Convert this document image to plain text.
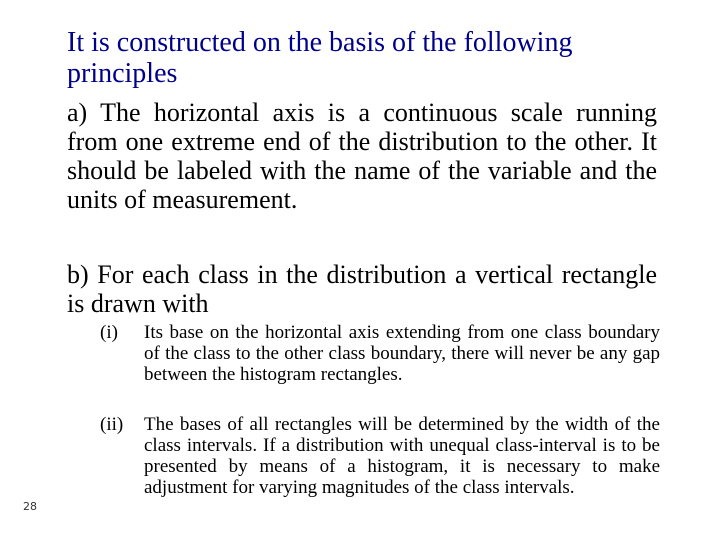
It is constructed on the basis of the following principles
a) The horizontal axis is a continuous scale running from one extreme end of the distribution to the other. It should be labeled with the name of the variable and the units of measurement.
b) For each class in the distribution a vertical rectangle is drawn with
(i) Its base on the horizontal axis extending from one class boundary of the class to the other class boundary, there will never be any gap between the histogram rectangles.
(ii) The bases of all rectangles will be determined by the width of the class intervals. If a distribution with unequal class-interval is to be presented by means of a histogram, it is necessary to make adjustment for varying magnitudes of the class intervals.
28
